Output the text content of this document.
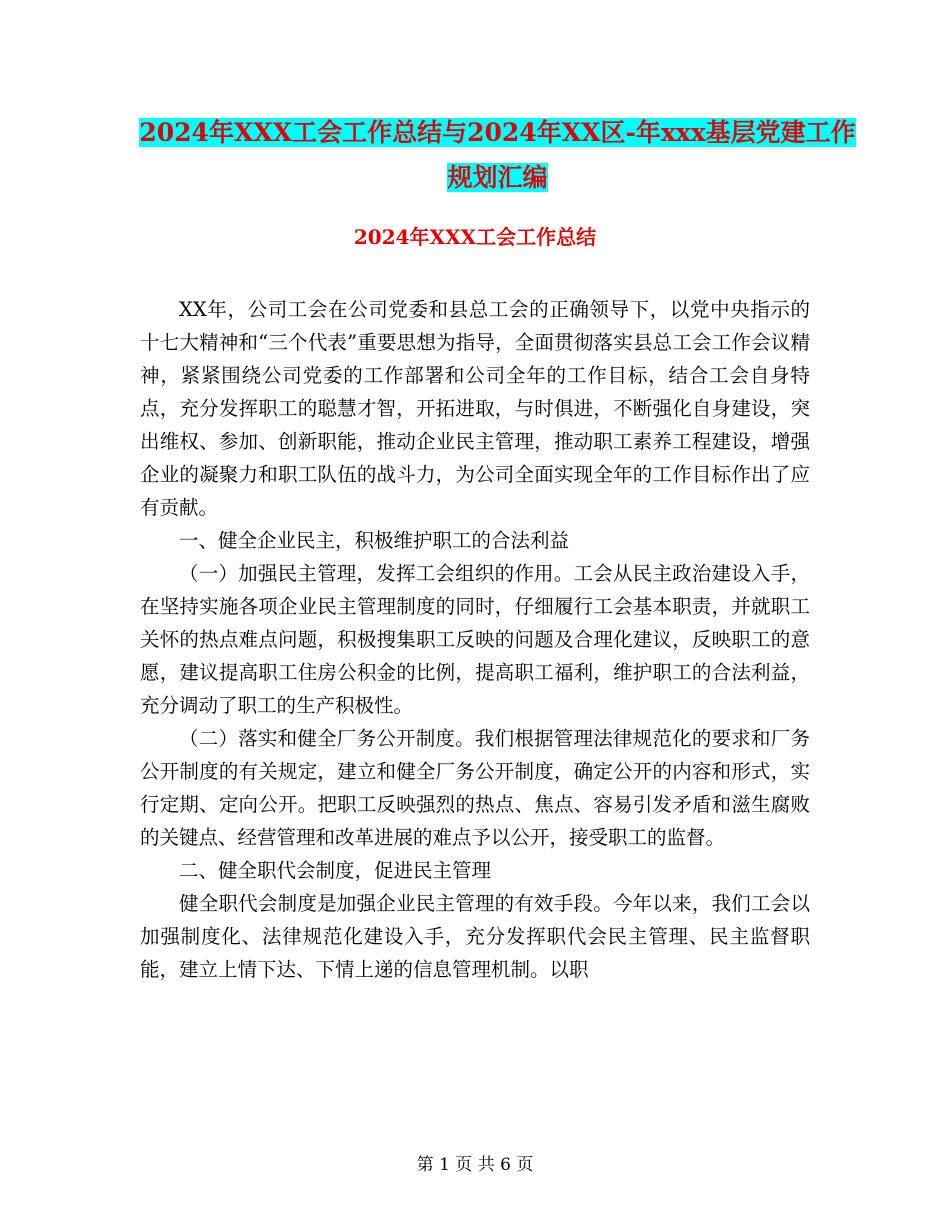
2024年XXX工会工作总结与2024年XX区-年xxx基层党建工作规划汇编
2024年XXX工会工作总结

XX年，公司工会在公司党委和县总工会的正确领导下，以党中央指示的十七大精神和“三个代表”重要思想为指导，全面贯彻落实县总工会工作会议精神，紧紧围绕公司党委的工作部署和公司全年的工作目标，结合工会自身特点，充分发挥职工的聪慧才智，开拓进取，与时俱进，不断强化自身建设，突出维权、参加、创新职能，推动企业民主管理，推动职工素养工程建设，增强企业的凝聚力和职工队伍的战斗力，为公司全面实现全年的工作目标作出了应有贡献。

一、健全企业民主，积极维护职工的合法利益

（一）加强民主管理，发挥工会组织的作用。工会从民主政治建设入手，在坚持实施各项企业民主管理制度的同时，仔细履行工会基本职责，并就职工关怀的热点难点问题，积极搜集职工反映的问题及合理化建议，反映职工的意愿，建议提高职工住房公积金的比例，提高职工福利，维护职工的合法利益，充分调动了职工的生产积极性。

（二）落实和健全厂务公开制度。我们根据管理法律规范化的要求和厂务公开制度的有关规定，建立和健全厂务公开制度，确定公开的内容和形式，实行定期、定向公开。把职工反映强烈的热点、焦点、容易引发矛盾和滋生腐败的关键点、经营管理和改革进展的难点予以公开，接受职工的监督。

二、健全职代会制度，促进民主管理

健全职代会制度是加强企业民主管理的有效手段。今年以来，我们工会以加强制度化、法律规范化建设入手，充分发挥职代会民主管理、民主监督职能，建立上情下达、下情上递的信息管理机制。以职

第 1 页 共 6 页
